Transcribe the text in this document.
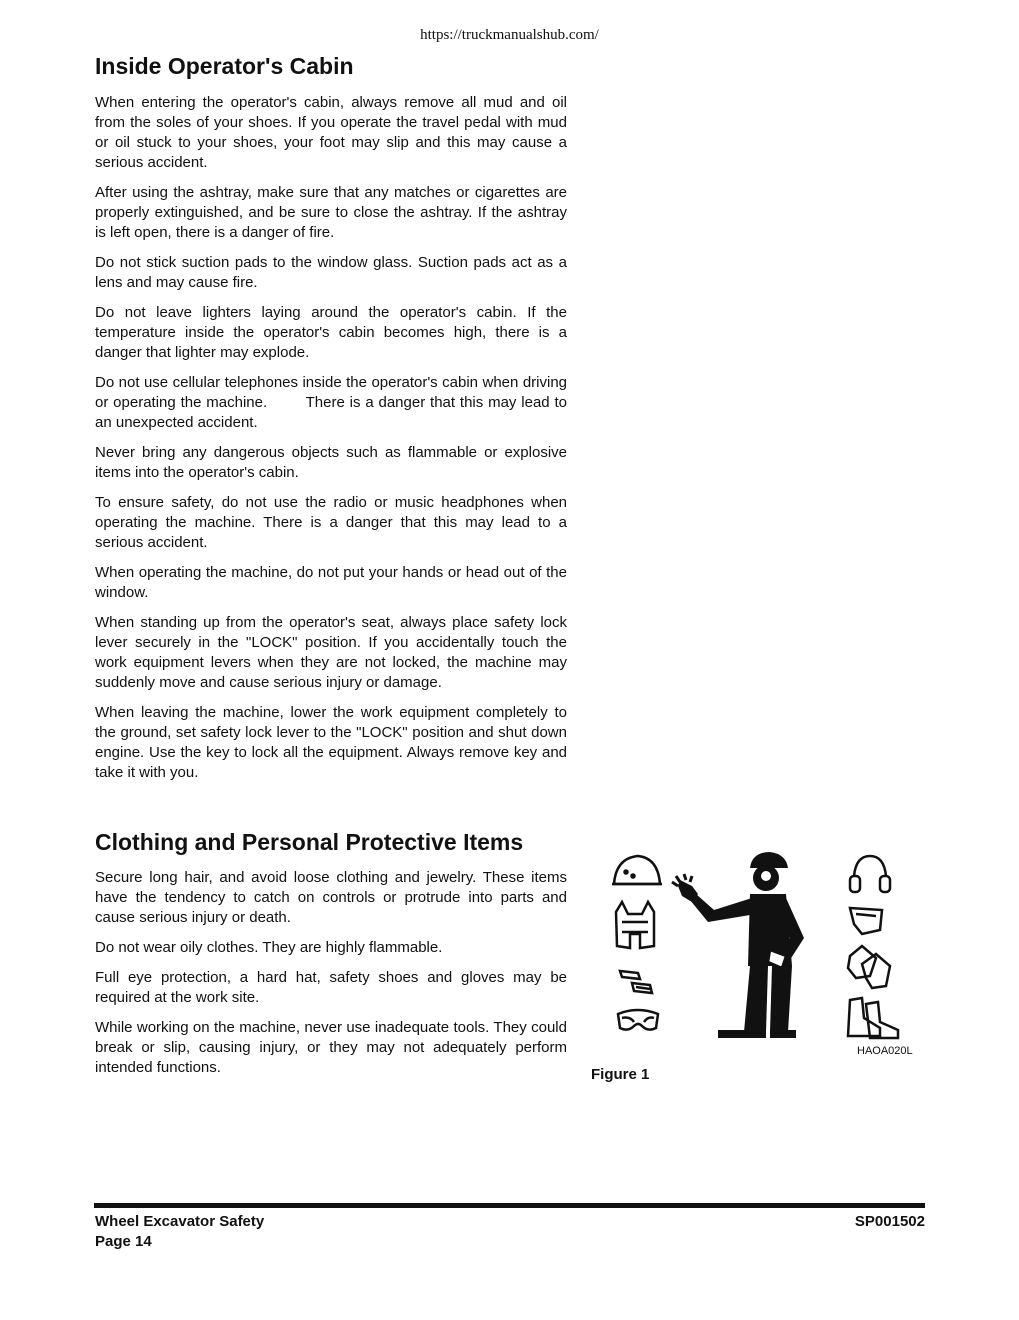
https://truckmanualshub.com/
Inside Operator's Cabin

When entering the operator's cabin, always remove all mud and oil from the soles of your shoes. If you operate the travel pedal with mud or oil stuck to your shoes, your foot may slip and this may cause a serious accident.

After using the ashtray, make sure that any matches or cigarettes are properly extinguished, and be sure to close the ashtray. If the ashtray is left open, there is a danger of fire.

Do not stick suction pads to the window glass. Suction pads act as a lens and may cause fire.

Do not leave lighters laying around the operator's cabin. If the temperature inside the operator's cabin becomes high, there is a danger that lighter may explode.

Do not use cellular telephones inside the operator's cabin when driving or operating the machine.        There is a danger that this may lead to an unexpected accident.

Never bring any dangerous objects such as flammable or explosive items into the operator's cabin.

To ensure safety, do not use the radio or music headphones when operating the machine. There is a danger that this may lead to a serious accident.

When operating the machine, do not put your hands or head out of the window.

When standing up from the operator's seat, always place safety lock lever securely in the "LOCK" position. If you accidentally touch the work equipment levers when they are not locked, the machine may suddenly move and cause serious injury or damage.

When leaving the machine, lower the work equipment completely to the ground, set safety lock lever to the "LOCK" position and shut down engine. Use the key to lock all the equipment. Always remove key and take it with you.

Clothing and Personal Protective Items

Secure long hair, and avoid loose clothing and jewelry. These items have the tendency to catch on controls or protrude into parts and cause serious injury or death.

Do not wear oily clothes. They are highly flammable.

Full eye protection, a hard hat, safety shoes and gloves may be required at the work site.

While working on the machine, never use inadequate tools. They could break or slip, causing injury, or they may not adequately perform intended functions.

HAOA020L
Figure 1
Wheel Excavator Safety
Page 14
SP001502
